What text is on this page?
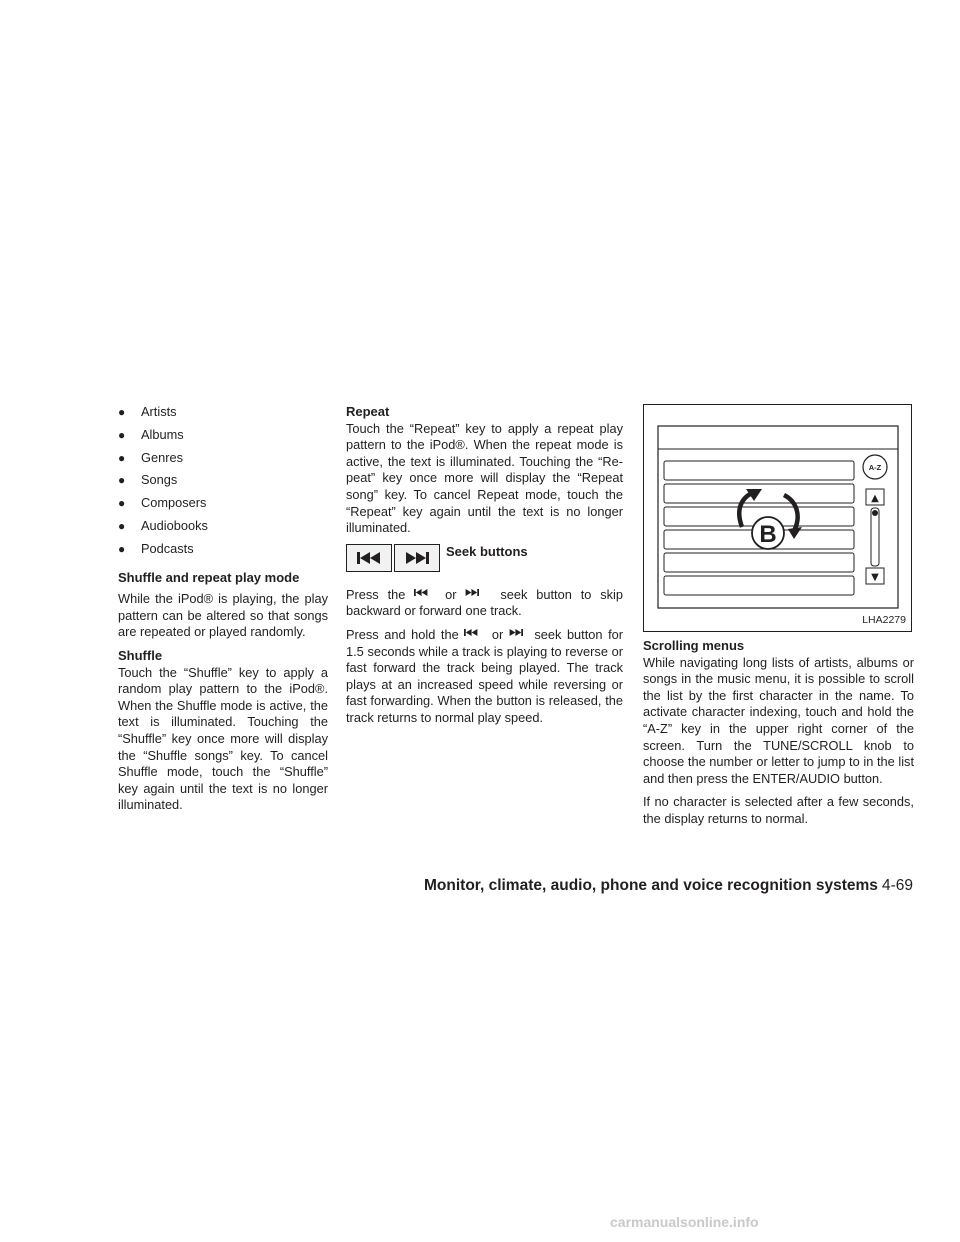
● Artists
● Albums
● Genres
● Songs
● Composers
● Audiobooks
● Podcasts
Shuffle and repeat play mode

While the iPod® is playing, the play pattern can be altered so that songs are repeated or played randomly.

Shuffle

Touch the “Shuffle” key to apply a random play pattern to the iPod®. When the Shuffle mode is active, the text is illuminated. Touching the “Shuffle” key once more will display the “Shuffle songs” key. To cancel Shuffle mode, touch the “Shuffle” key again until the text is no longer illuminated.

Repeat

Touch the “Repeat” key to apply a repeat play pattern to the iPod®. When the repeat mode is active, the text is illuminated. Touching the “Re-peat” key once more will display the “Repeat song” key. To cancel Repeat mode, touch the “Repeat” key again until the text is no longer illuminated.

Seek buttons

Press the	or	seek button to skip backward or forward one track.

Press and hold the	or seek button for 1.5 seconds while a track is playing to reverse or fast forward the track being played. The track plays at an increased speed while reversing or fast forwarding. When the button is released, the track returns to normal play speed.

A-Z
▲
▼
B
LHA2279
Scrolling menus

While navigating long lists of artists, albums or songs in the music menu, it is possible to scroll the list by the first character in the name. To activate character indexing, touch and hold the “A-Z” key in the upper right corner of the screen. Turn the TUNE/SCROLL knob to choose the number or letter to jump to in the list and then press the ENTER/AUDIO button.

If no character is selected after a few seconds, the display returns to normal.

Monitor, climate, audio, phone and voice recognition systems 4-69
carmanualsonline.info
